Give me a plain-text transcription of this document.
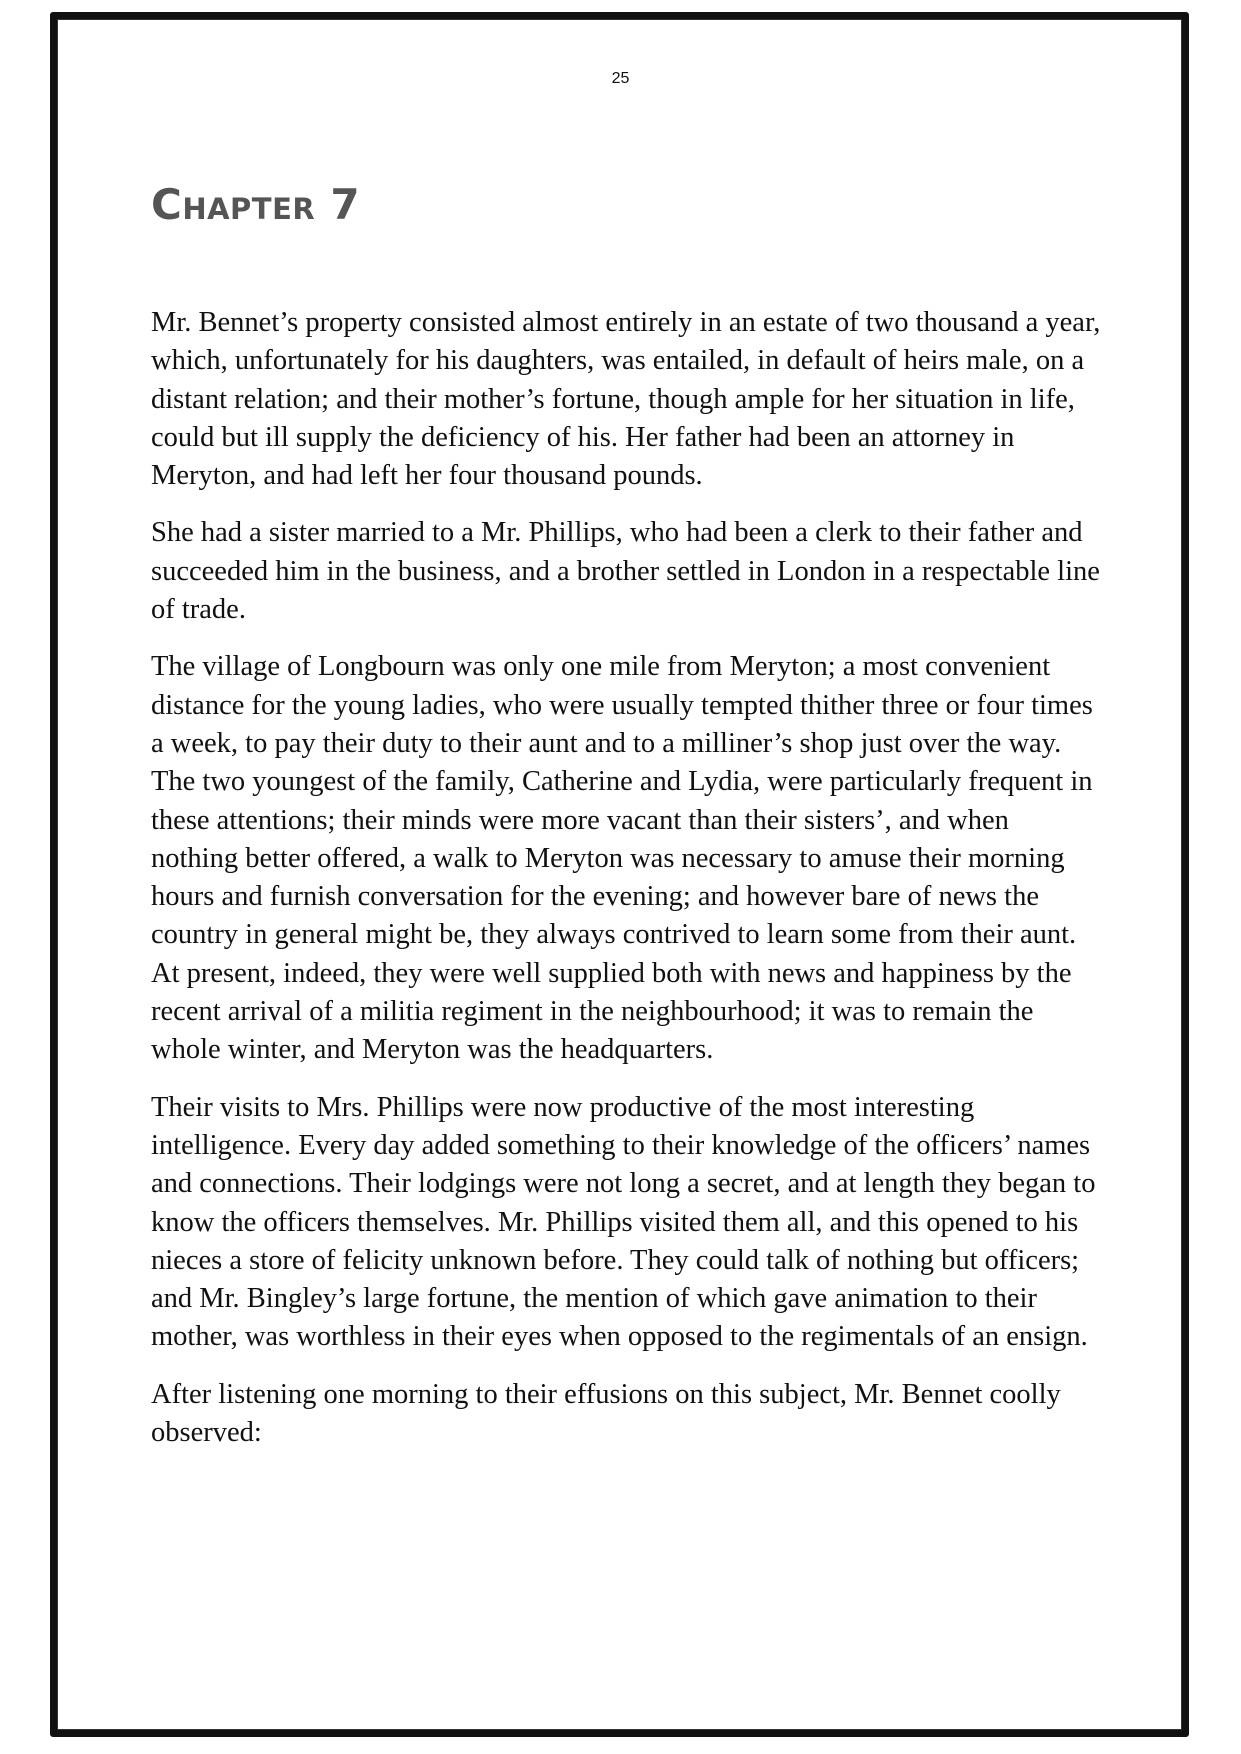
25
Chapter 7

Mr. Bennet’s property consisted almost entirely in an estate of two thousand a year, which, unfortunately for his daughters, was entailed, in default of heirs male, on a distant relation; and their mother’s fortune, though ample for her situation in life, could but ill supply the deficiency of his. Her father had been an attorney in Meryton, and had left her four thousand pounds.

She had a sister married to a Mr. Phillips, who had been a clerk to their father and succeeded him in the business, and a brother settled in London in a respectable line of trade.

The village of Longbourn was only one mile from Meryton; a most convenient distance for the young ladies, who were usually tempted thither three or four times a week, to pay their duty to their aunt and to a milliner’s shop just over the way. The two youngest of the family, Catherine and Lydia, were particularly frequent in these attentions; their minds were more vacant than their sisters’, and when nothing better offered, a walk to Meryton was necessary to amuse their morning hours and furnish conversation for the evening; and however bare of news the country in general might be, they always contrived to learn some from their aunt. At present, indeed, they were well supplied both with news and happiness by the recent arrival of a militia regiment in the neighbourhood; it was to remain the whole winter, and Meryton was the headquarters.

Their visits to Mrs. Phillips were now productive of the most interesting intelligence. Every day added something to their knowledge of the officers’ names and connections. Their lodgings were not long a secret, and at length they began to know the officers themselves. Mr. Phillips visited them all, and this opened to his nieces a store of felicity unknown before. They could talk of nothing but officers; and Mr. Bingley’s large fortune, the mention of which gave animation to their mother, was worthless in their eyes when opposed to the regimentals of an ensign.

After listening one morning to their effusions on this subject, Mr. Bennet coolly observed:
